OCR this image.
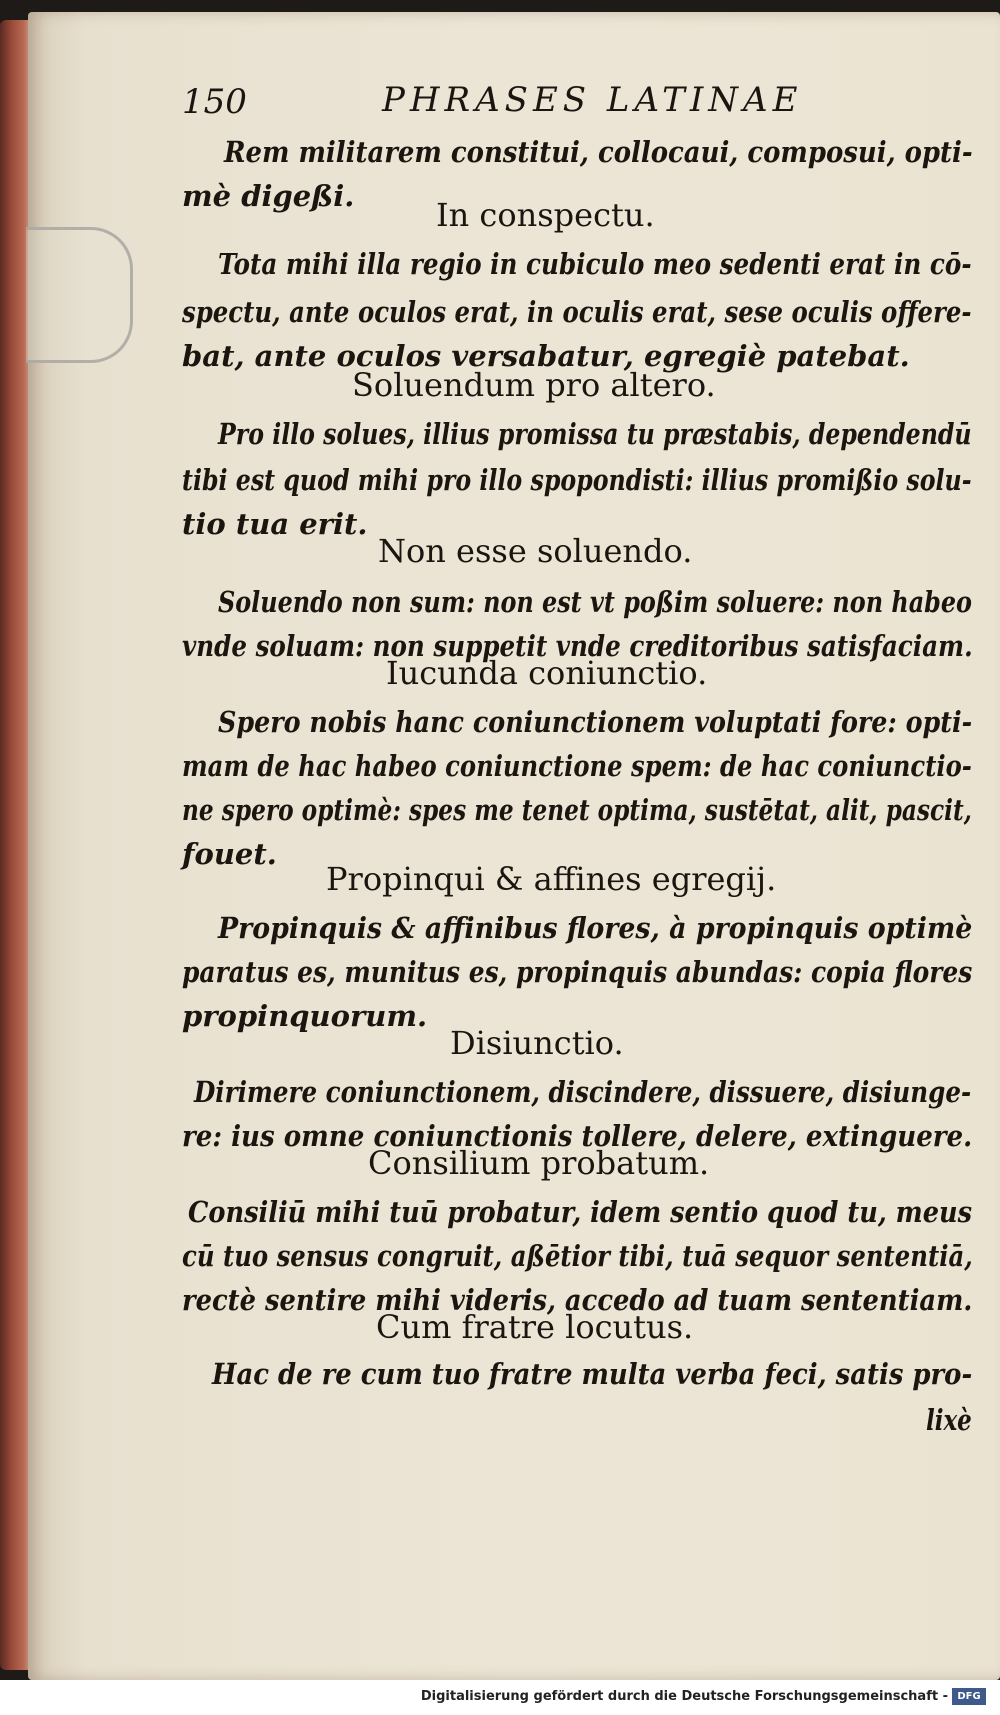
150	PHRASES LATINAE
Rem militarem constitui, collocaui, composui, opti-
mè digeßi.	In conspectu.
Tota mihi illa regio in cubiculo meo sedenti erat in cō-
spectu, ante oculos erat, in oculis erat, sese oculis offere-
bat, ante oculos versabatur, egregiè patebat.
Soluendum pro altero.
Pro illo solues, illius promissa tu præstabis, dependendū
tibi est quod mihi pro illo spopondisti: illius promißio solu-
tio tua erit.
Non esse soluendo.
Soluendo non sum: non est vt poßim soluere: non habeo
vnde soluam: non suppetit vnde creditoribus satisfaciam.
Iucunda coniunctio.
Spero nobis hanc coniunctionem voluptati fore: opti-
mam de hac habeo coniunctione spem: de hac coniunctio-
ne spero optimè: spes me tenet optima, sustētat, alit, pascit,
fouet.
Propinqui & affines egregij.
Propinquis & affinibus flores, à propinquis optimè
paratus es, munitus es, propinquis abundas: copia flores
propinquorum.
Disiunctio.
Dirimere coniunctionem, discindere, dissuere, disiunge-
re: ius omne coniunctionis tollere, delere, extinguere.
Consilium probatum.
Consiliū mihi tuū probatur, idem sentio quod tu, meus
cū tuo sensus congruit, aßētior tibi, tuā sequor sententiā,
rectè sentire mihi videris, accedo ad tuam sententiam.
Cum fratre locutus.
Hac de re cum tuo fratre multa verba feci, satis pro-
lixè
Digitalisierung gefördert durch die Deutsche Forschungsgemeinschaft - DFG
